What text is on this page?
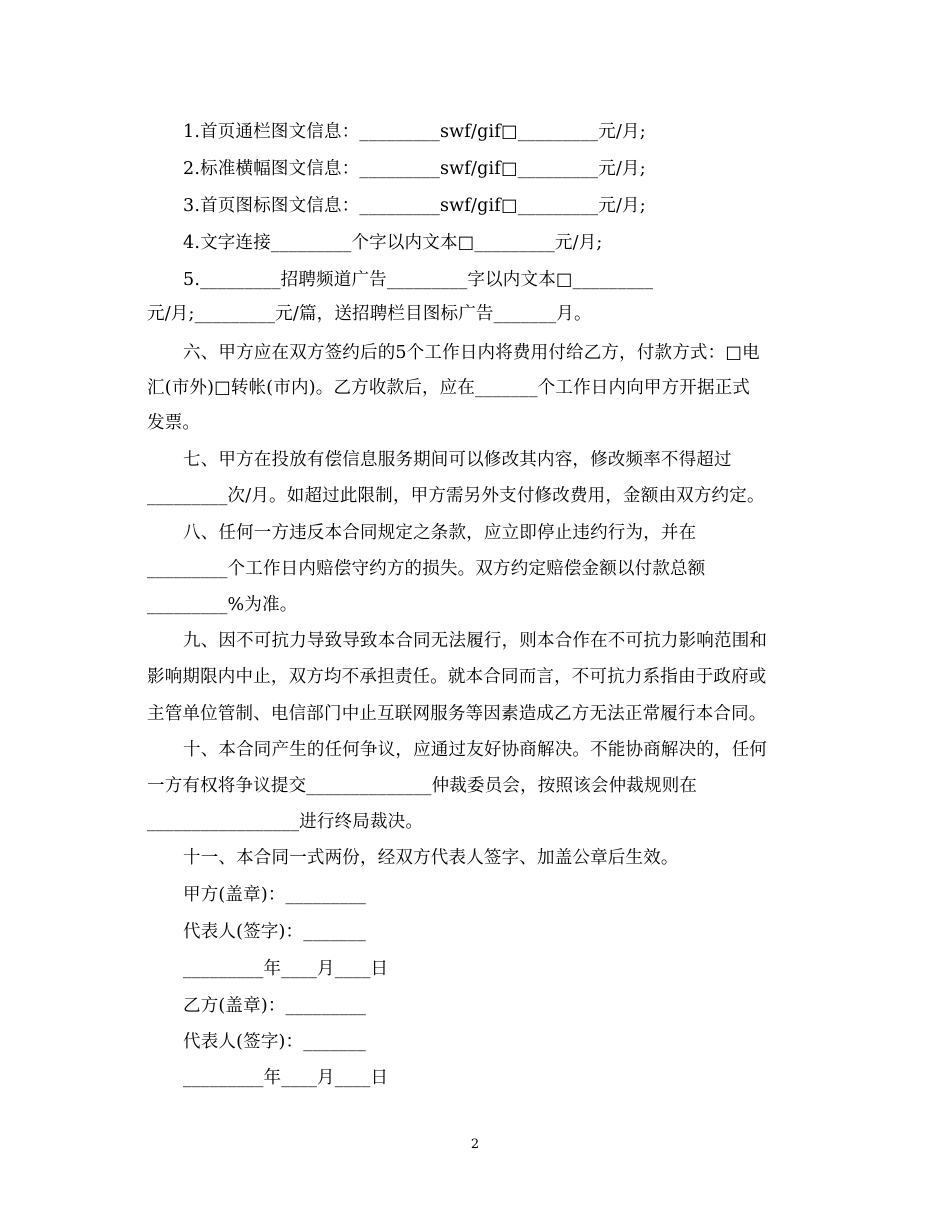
1.首页通栏图文信息：_________swf/gif□_________元/月;
2.标准横幅图文信息：_________swf/gif□_________元/月;
3.首页图标图文信息：_________swf/gif□_________元/月;
4.文字连接_________个字以内文本□_________元/月;
5._________招聘频道广告_________字以内文本□_________
元/月;_________元/篇，送招聘栏目图标广告_______月。
六、甲方应在双方签约后的5个工作日内将费用付给乙方，付款方式：□电
汇(市外)□转帐(市内)。乙方收款后，应在_______个工作日内向甲方开据正式
发票。
七、甲方在投放有偿信息服务期间可以修改其内容，修改频率不得超过
_________次/月。如超过此限制，甲方需另外支付修改费用，金额由双方约定。
八、任何一方违反本合同规定之条款，应立即停止违约行为，并在
_________个工作日内赔偿守约方的损失。双方约定赔偿金额以付款总额
_________%为准。
九、因不可抗力导致导致本合同无法履行，则本合作在不可抗力影响范围和
影响期限内中止，双方均不承担责任。就本合同而言，不可抗力系指由于政府或
主管单位管制、电信部门中止互联网服务等因素造成乙方无法正常履行本合同。
十、本合同产生的任何争议，应通过友好协商解决。不能协商解决的，任何
一方有权将争议提交______________仲裁委员会，按照该会仲裁规则在
_________________进行终局裁决。
十一、本合同一式两份，经双方代表人签字、加盖公章后生效。
甲方(盖章)：_________
代表人(签字)：_______
_________年____月____日
乙方(盖章)：_________
代表人(签字)：_______
_________年____月____日
2
